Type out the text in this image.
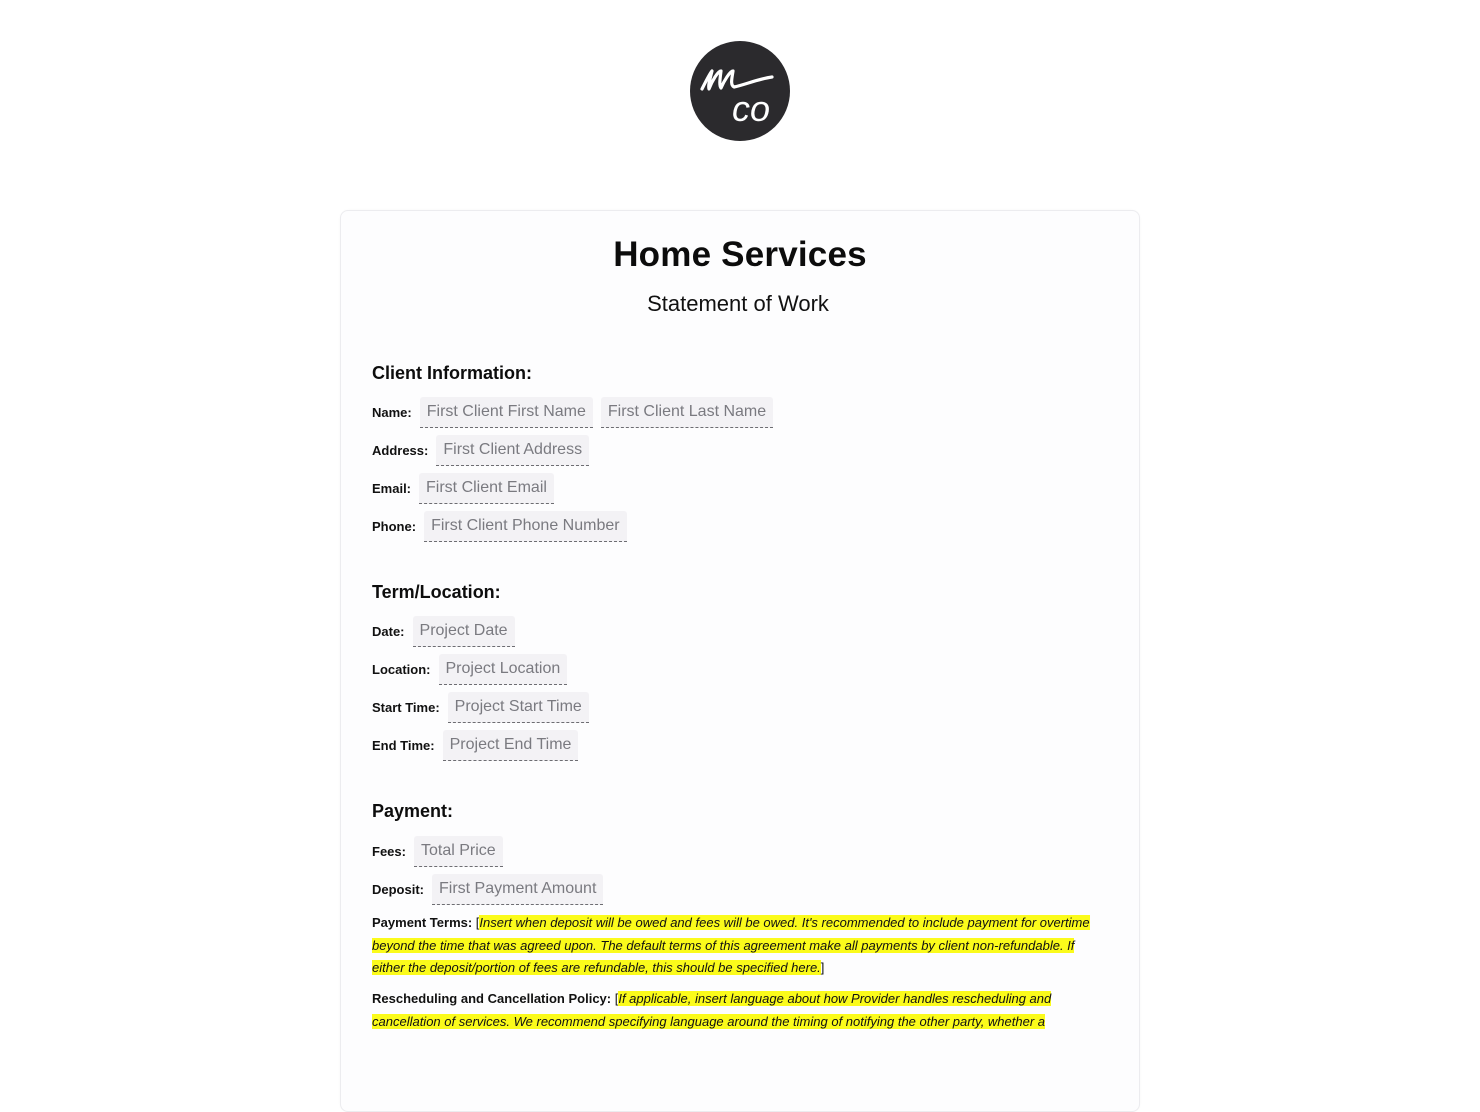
co
Home Services
Statement of Work
Client Information:
Name: First Client First Name	First Client Last Name
Address: First Client Address
Email: First Client Email
Phone: First Client Phone Number
Term/Location:
Date: Project Date
Location: Project Location
Start Time: Project Start Time
End Time: Project End Time
Payment:
Fees: Total Price
Deposit: First Payment Amount
Payment Terms: [Insert when deposit will be owed and fees will be owed. It's recommended to include payment for overtime beyond the time that was agreed upon. The default terms of this agreement make all payments by client non-refundable. If either the deposit/portion of fees are refundable, this should be specified here.]
Rescheduling and Cancellation Policy: [If applicable, insert language about how Provider handles rescheduling and cancellation of services. We recommend specifying language around the timing of notifying the other party, whether a
